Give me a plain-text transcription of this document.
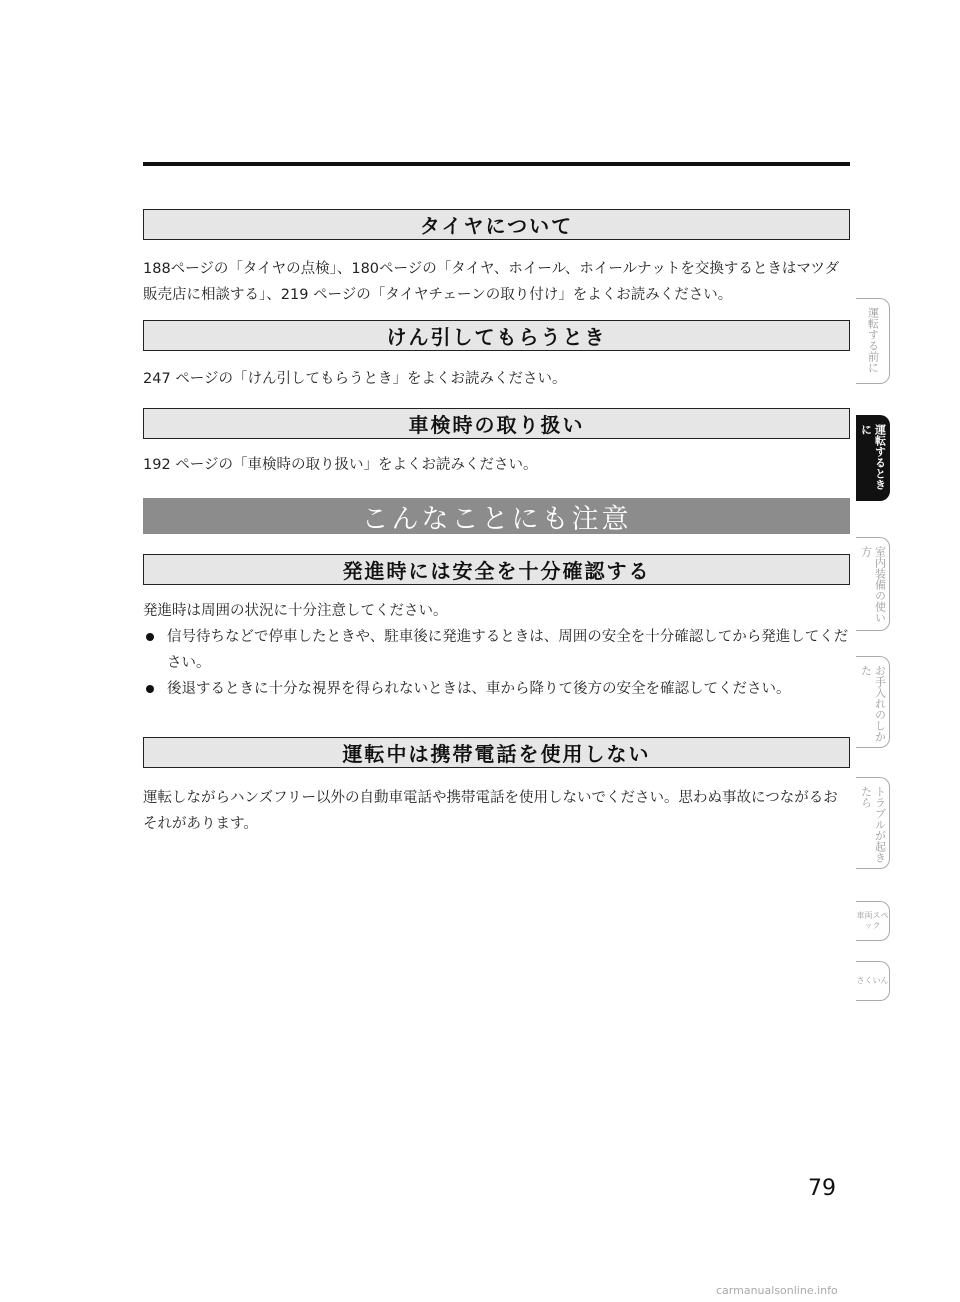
タイヤについて
188ページの「タイヤの点検」、180ページの「タイヤ、ホイール、ホイールナットを交換するときはマツダ販売店に相談する」、219 ページの「タイヤチェーンの取り付け」をよくお読みください。
けん引してもらうとき
247 ページの「けん引してもらうとき」をよくお読みください。
車検時の取り扱い
192 ページの「車検時の取り扱い」をよくお読みください。
こんなことにも注意
発進時には安全を十分確認する
発進時は周囲の状況に十分注意してください。
信号待ちなどで停車したときや、駐車後に発進するときは、周囲の安全を十分確認してから発進してください。
後退するときに十分な視界を得られないときは、車から降りて後方の安全を確認してください。
運転中は携帯電話を使用しない
運転しながらハンズフリー以外の自動車電話や携帯電話を使用しないでください。思わぬ事故につながるおそれがあります。
運転する前に
運転するときに
室内装備の使い方
お手入れのしかた
トラブルが起きたら
車両スペック
さくいん
79
carmanualsonline.info
